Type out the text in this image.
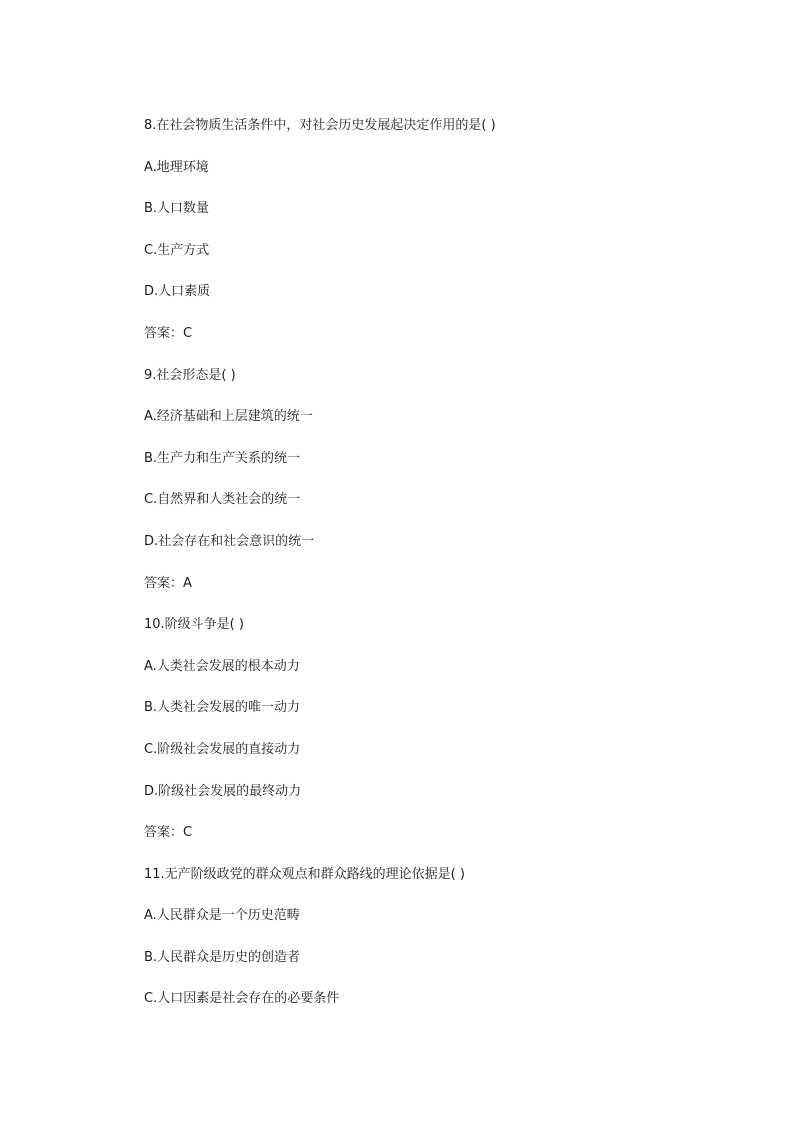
8.在社会物质生活条件中，对社会历史发展起决定作用的是( )
A.地理环境
B.人口数量
C.生产方式
D.人口素质
答案：C
9.社会形态是( )
A.经济基础和上层建筑的统一
B.生产力和生产关系的统一
C.自然界和人类社会的统一
D.社会存在和社会意识的统一
答案：A
10.阶级斗争是( )
A.人类社会发展的根本动力
B.人类社会发展的唯一动力
C.阶级社会发展的直接动力
D.阶级社会发展的最终动力
答案：C
11.无产阶级政党的群众观点和群众路线的理论依据是( )
A.人民群众是一个历史范畴
B.人民群众是历史的创造者
C.人口因素是社会存在的必要条件
